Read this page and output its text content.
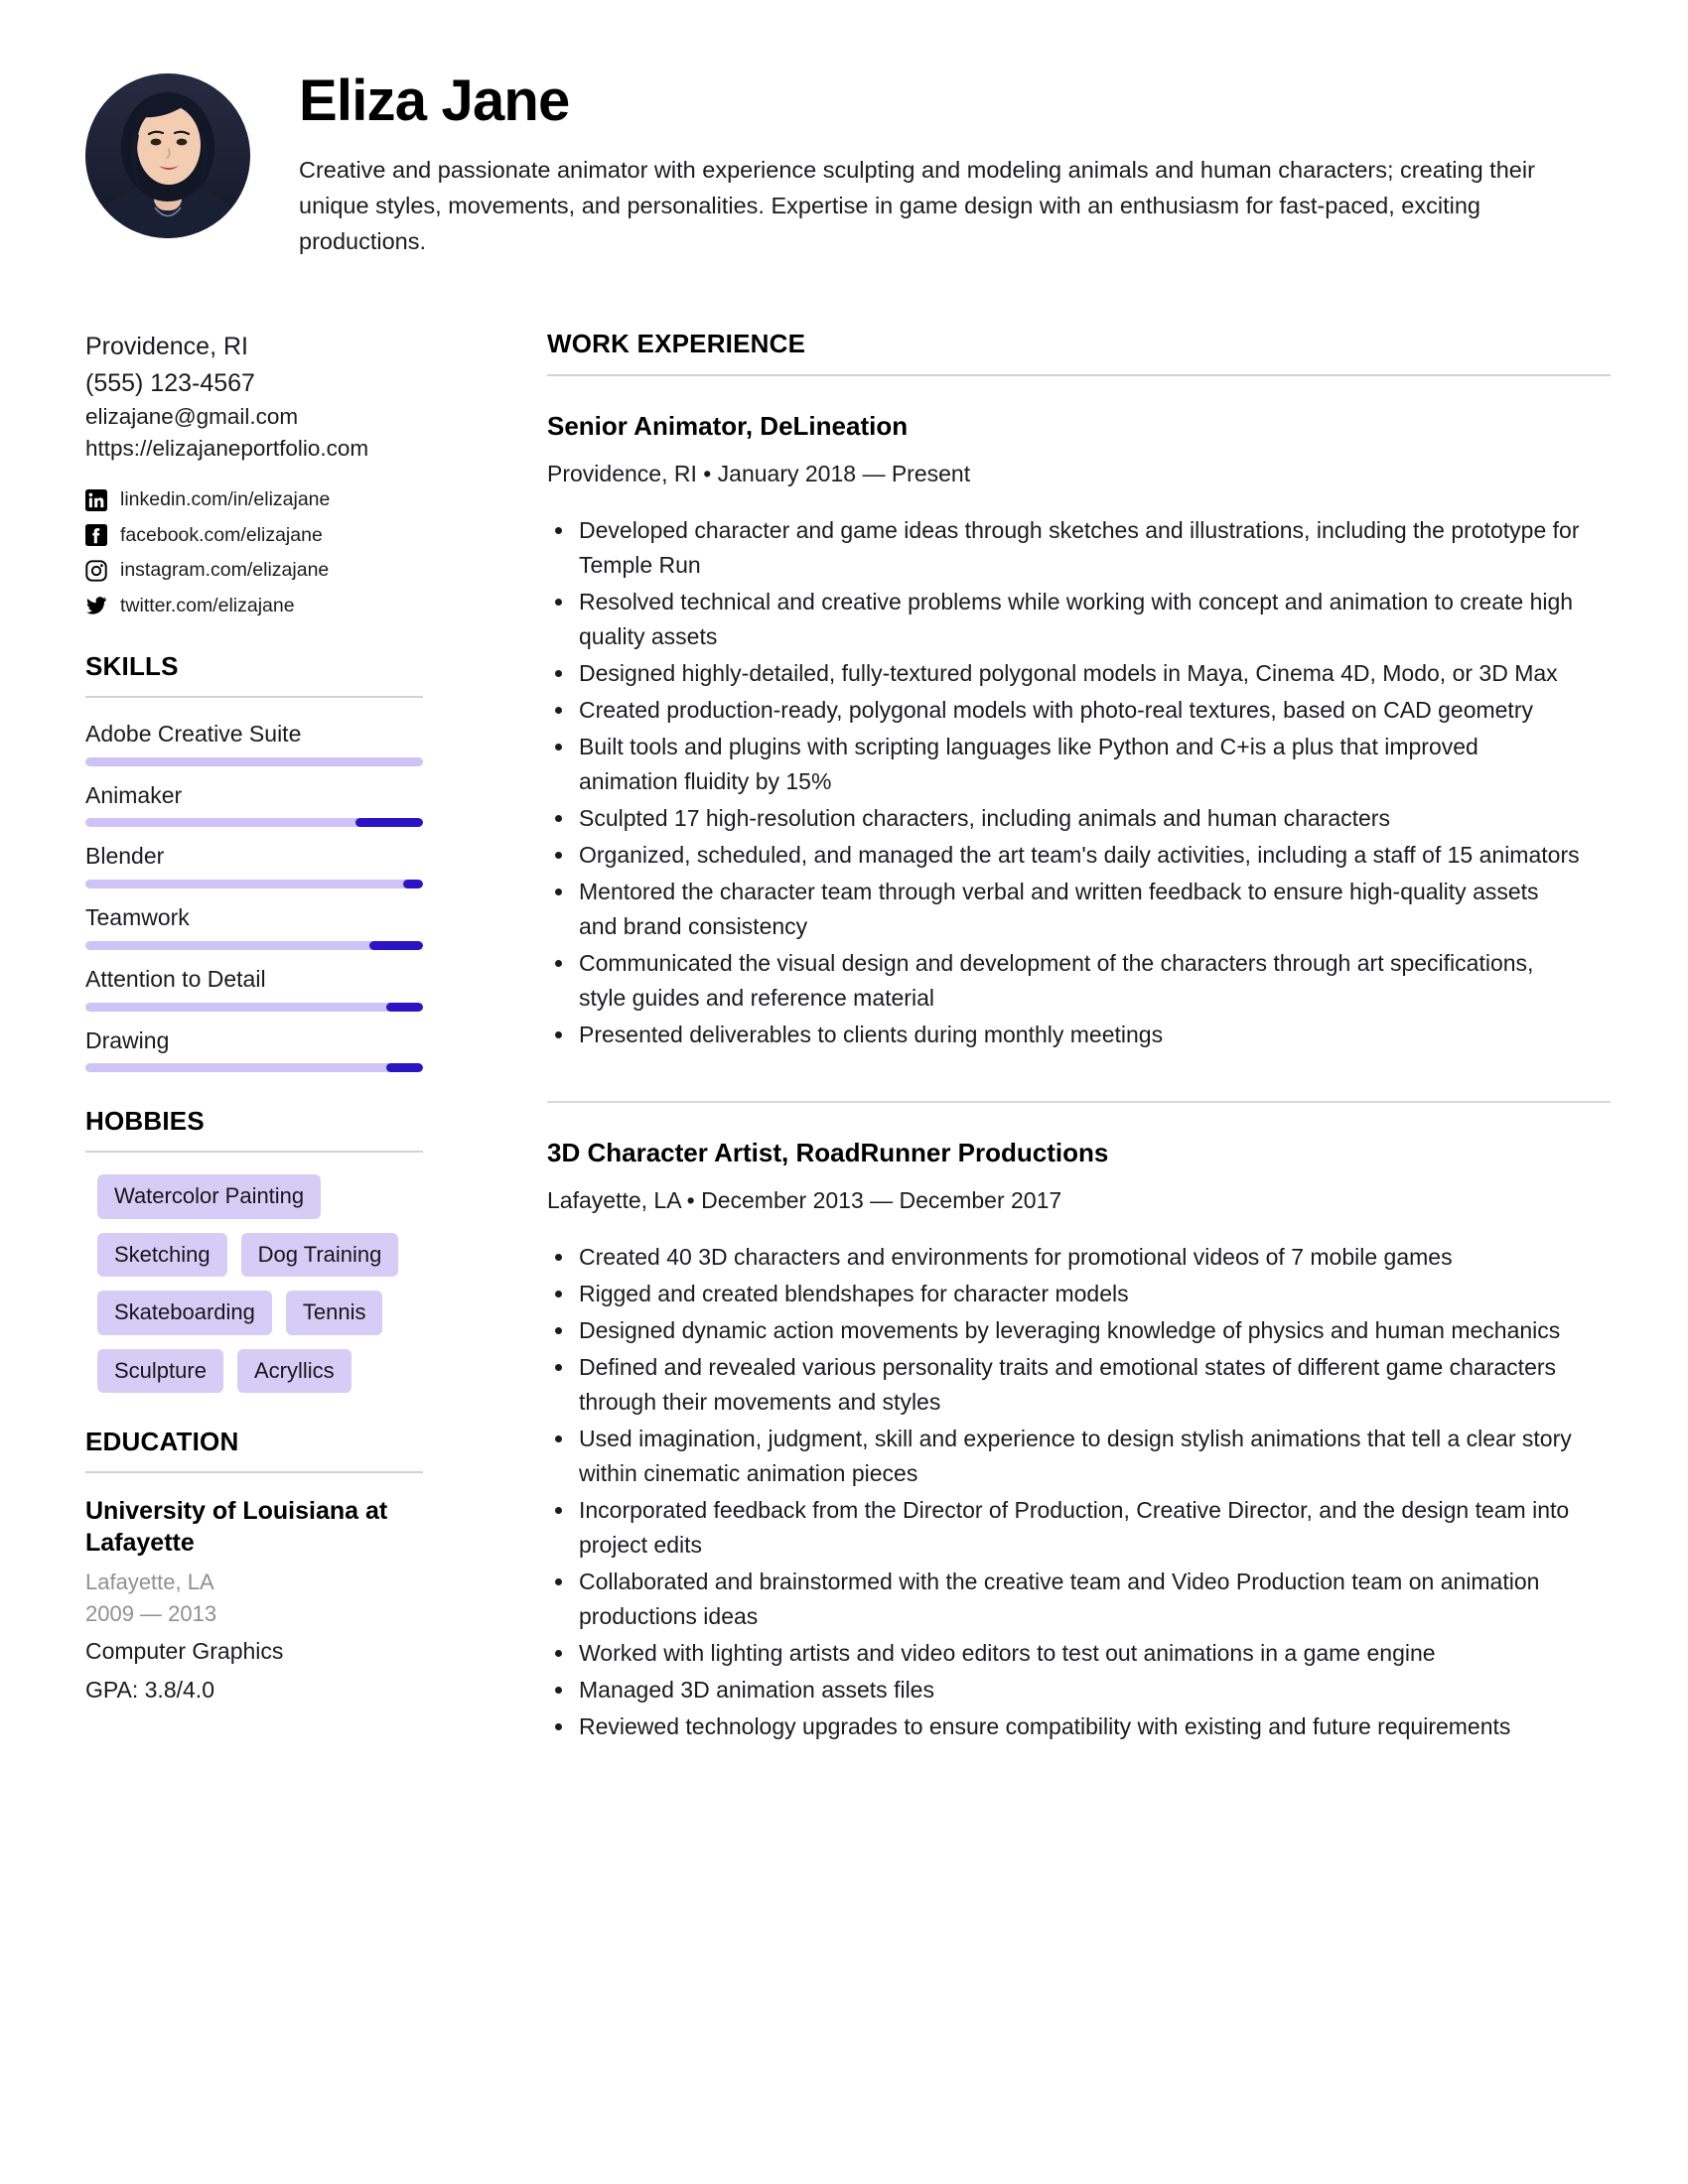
Eliza Jane

Creative and passionate animator with experience sculpting and modeling animals and human characters; creating their unique styles, movements, and personalities. Expertise in game design with an enthusiasm for fast-paced, exciting productions.

Providence, RI
(555) 123-4567
elizajane@gmail.com
https://elizajaneportfolio.com
linkedin.com/in/elizajane
facebook.com/elizajane
instagram.com/elizajane
twitter.com/elizajane
SKILLS
Adobe Creative Suite
Animaker
Blender
Teamwork
Attention to Detail
Drawing
HOBBIES
Watercolor Painting
Sketching	Dog Training
Skateboarding	Tennis
Sculpture	Acryllics
EDUCATION
University of Louisiana at Lafayette
Lafayette, LA
2009 — 2013
Computer Graphics
GPA: 3.8/4.0
WORK EXPERIENCE
Senior Animator, DeLineation
Providence, RI • January 2018 — Present
Developed character and game ideas through sketches and illustrations, including the prototype for Temple Run
Resolved technical and creative problems while working with concept and animation to create high quality assets
Designed highly-detailed, fully-textured polygonal models in Maya, Cinema 4D, Modo, or 3D Max
Created production-ready, polygonal models with photo-real textures, based on CAD geometry
Built tools and plugins with scripting languages like Python and C+is a plus that improved animation fluidity by 15%
Sculpted 17 high-resolution characters, including animals and human characters
Organized, scheduled, and managed the art team's daily activities, including a staff of 15 animators
Mentored the character team through verbal and written feedback to ensure high-quality assets and brand consistency
Communicated the visual design and development of the characters through art specifications, style guides and reference material
Presented deliverables to clients during monthly meetings
3D Character Artist, RoadRunner Productions
Lafayette, LA • December 2013 — December 2017
Created 40 3D characters and environments for promotional videos of 7 mobile games
Rigged and created blendshapes for character models
Designed dynamic action movements by leveraging knowledge of physics and human mechanics
Defined and revealed various personality traits and emotional states of different game characters through their movements and styles
Used imagination, judgment, skill and experience to design stylish animations that tell a clear story within cinematic animation pieces
Incorporated feedback from the Director of Production, Creative Director, and the design team into project edits
Collaborated and brainstormed with the creative team and Video Production team on animation productions ideas
Worked with lighting artists and video editors to test out animations in a game engine
Managed 3D animation assets files
Reviewed technology upgrades to ensure compatibility with existing and future requirements
